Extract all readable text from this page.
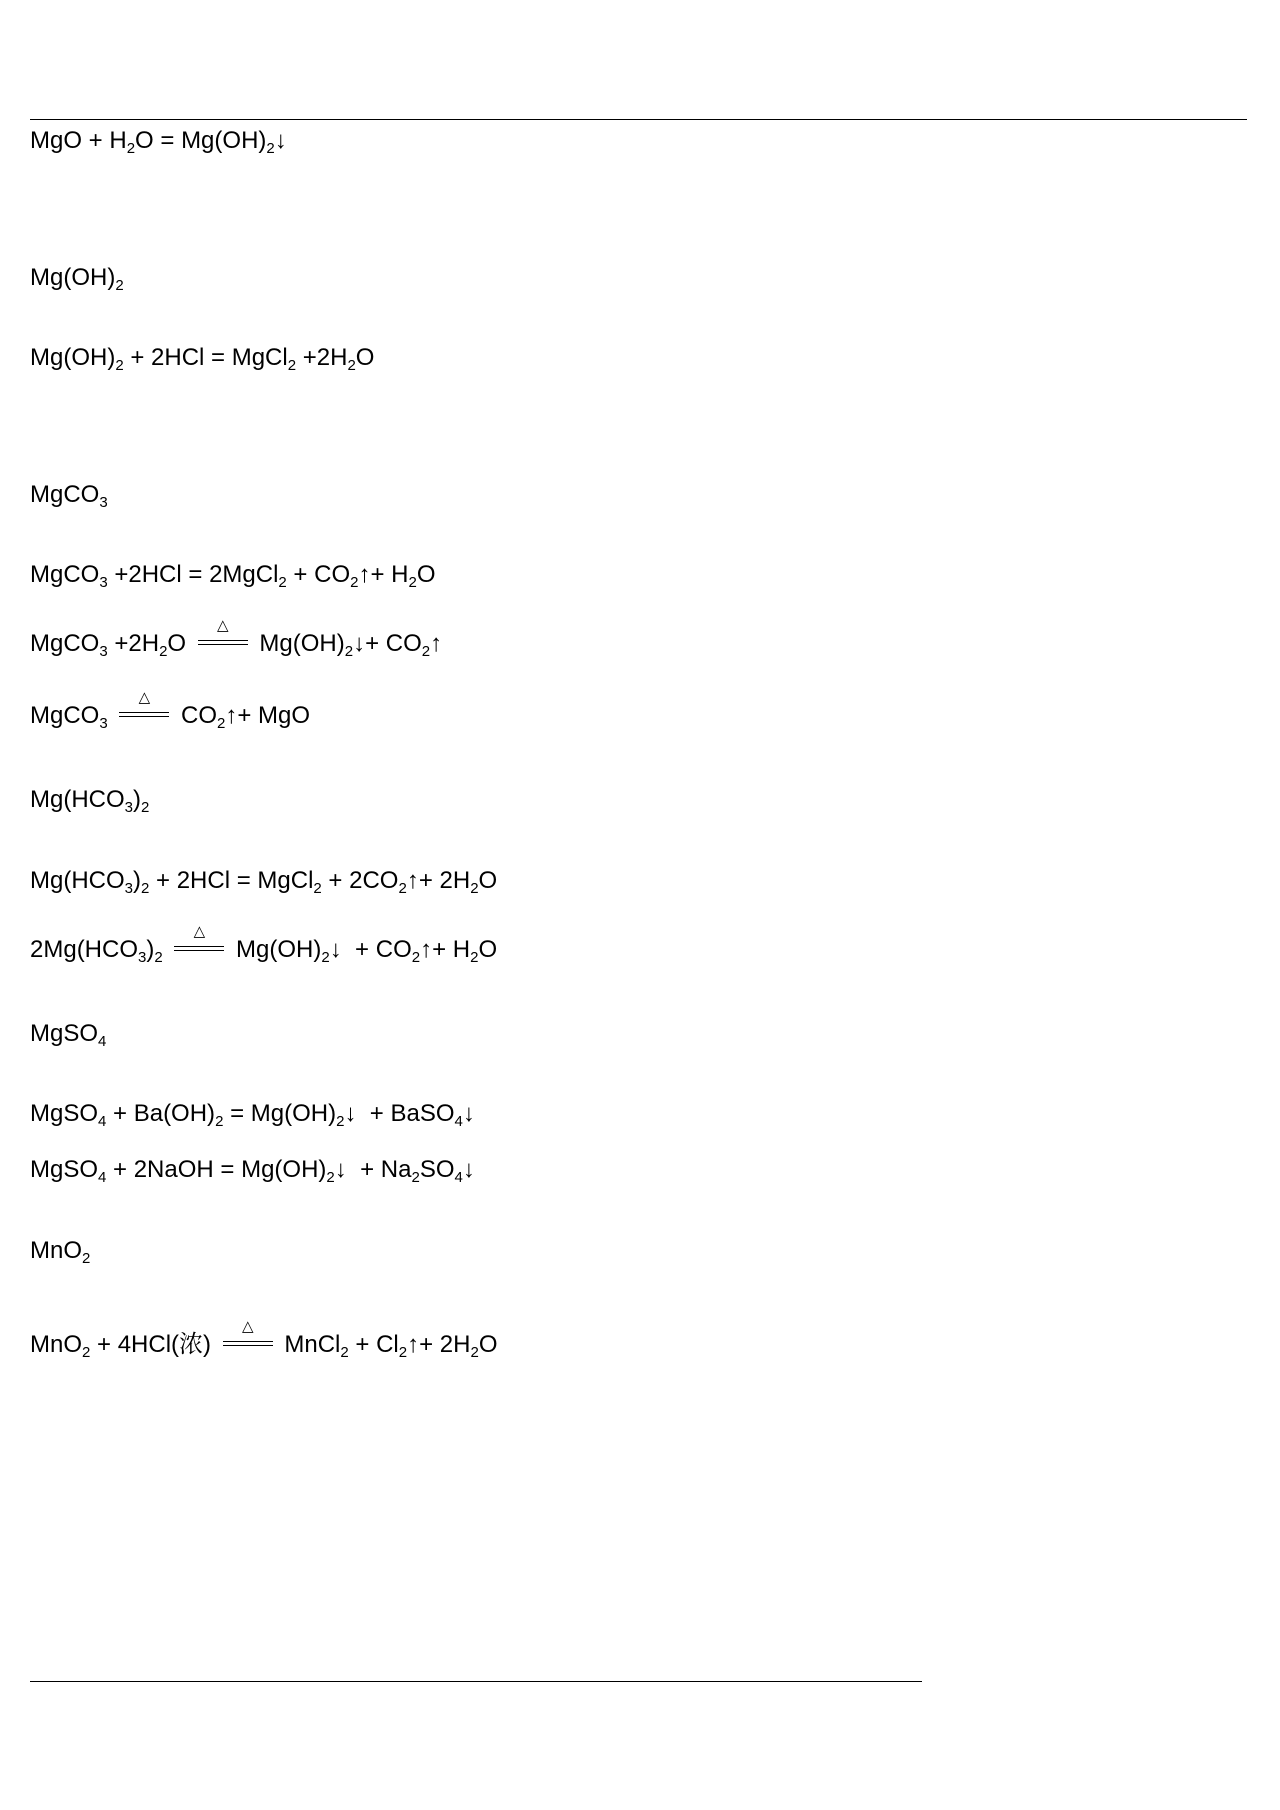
MgO + $H_2O$ = $Mg(OH)_2↓$
$Mg(OH)_2$
$Mg(OH)_2 + 2HCl$ = MgCl$_2$ $+2H_2O$
MgCO$_3$
MgCO$_3$ +2HCl = 2MgCl$_2$ + $CO_2↑+ H_2O$
MgCO$_3$ $+2H_2O$
△
$Mg(OH)_2↓+$ $CO_2↑$
MgCO$_3$
△
$CO_2↑+$ MgO
$Mg(HCO_3)_2$
$Mg(HCO_3)_2 + 2HCl$ = MgCl$_2$ + $2CO_2↑+ 2H_2O$
$2Mg(HCO_3)_2$
△
$Mg(OH)_2↓$  + $CO_2↑+ H_2O$
MgSO$_4$
MgSO$_4$ + $Ba(OH)_2$ = $Mg(OH)_2↓$  + BaSO$_4$↓
MgSO$_4$ + 2NaOH = $Mg(OH)_2↓$  + $Na_2SO_4↓$
MnO$_2$
MnO$_2$ + 4HCl(浓)
△
MnCl$_2$ + $Cl_2↑+ 2H_2O$
